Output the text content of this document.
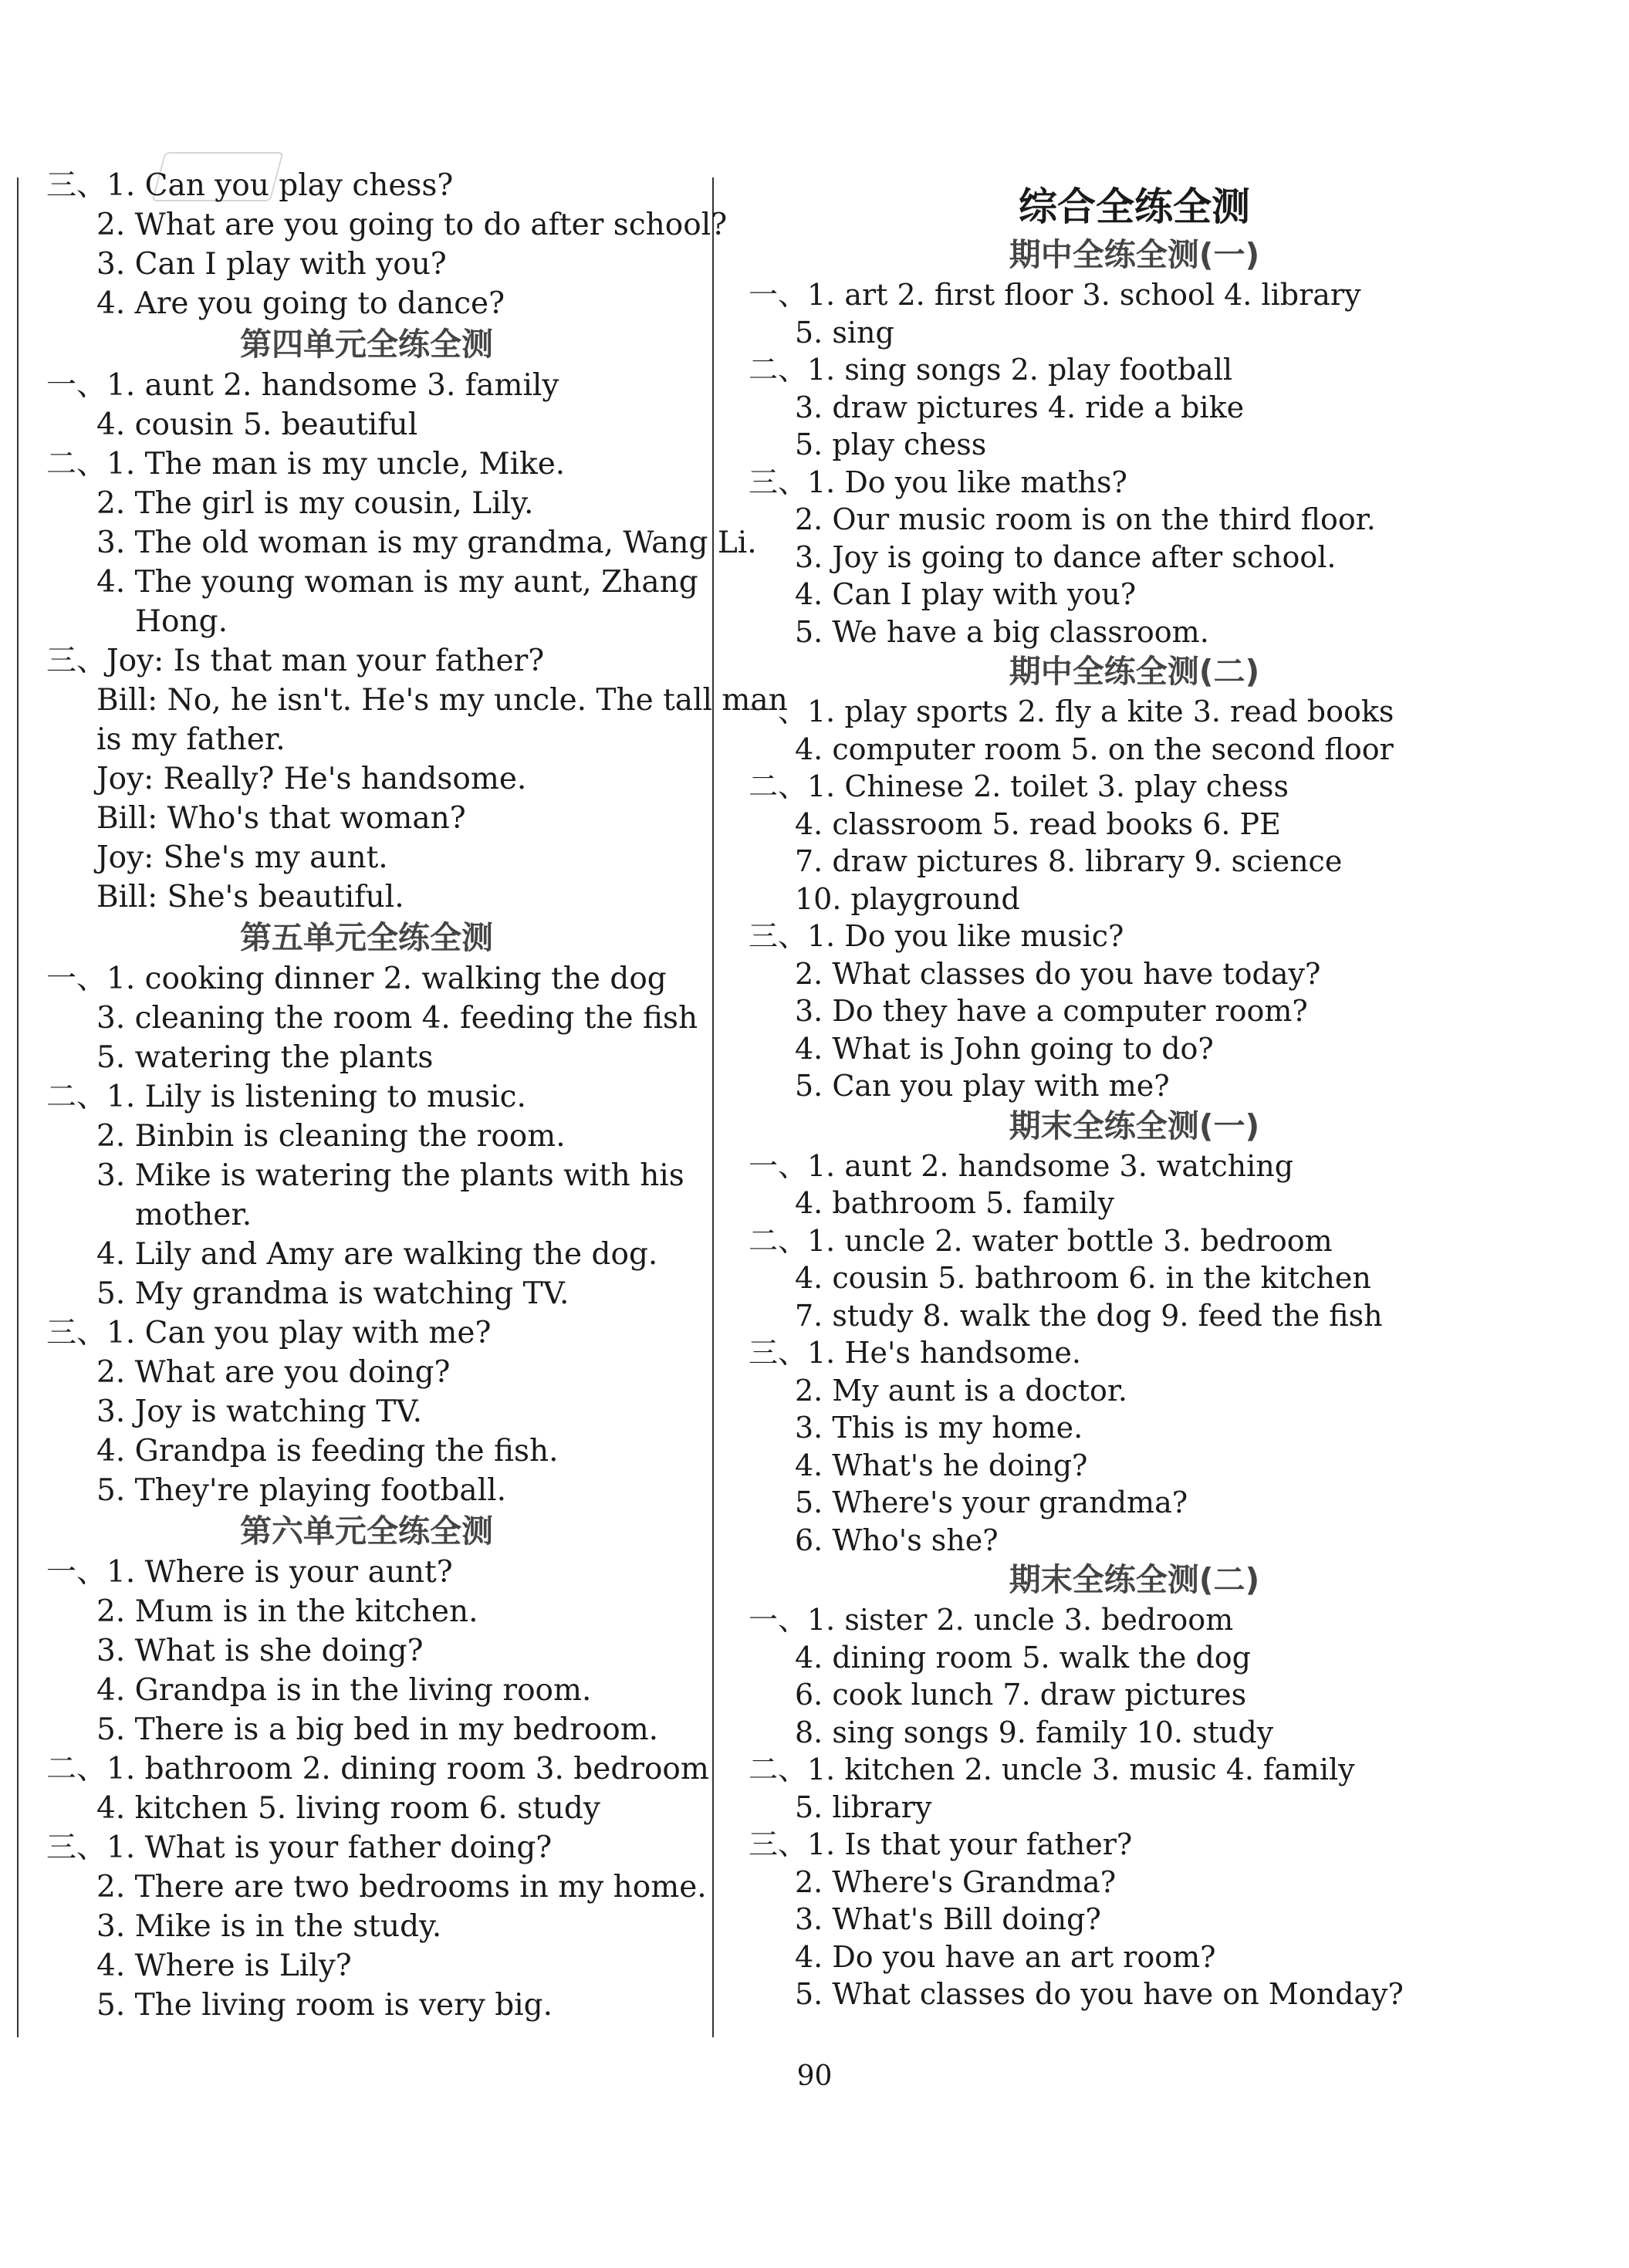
三、1. Can you play chess?
2. What are you going to do after school?
3. Can I play with you?
4. Are you going to dance?
第四单元全练全测
一、1. aunt 2. handsome 3. family
4. cousin 5. beautiful
二、1. The man is my uncle, Mike.
2. The girl is my cousin, Lily.
3. The old woman is my grandma, Wang Li.
4. The young woman is my aunt, Zhang
Hong.
三、Joy: Is that man your father?
Bill: No, he isn't. He's my uncle. The tall man
is my father.
Joy: Really? He's handsome.
Bill: Who's that woman?
Joy: She's my aunt.
Bill: She's beautiful.
第五单元全练全测
一、1. cooking dinner 2. walking the dog
3. cleaning the room 4. feeding the fish
5. watering the plants
二、1. Lily is listening to music.
2. Binbin is cleaning the room.
3. Mike is watering the plants with his
mother.
4. Lily and Amy are walking the dog.
5. My grandma is watching TV.
三、1. Can you play with me?
2. What are you doing?
3. Joy is watching TV.
4. Grandpa is feeding the fish.
5. They're playing football.
第六单元全练全测
一、1. Where is your aunt?
2. Mum is in the kitchen.
3. What is she doing?
4. Grandpa is in the living room.
5. There is a big bed in my bedroom.
二、1. bathroom 2. dining room 3. bedroom
4. kitchen 5. living room 6. study
三、1. What is your father doing?
2. There are two bedrooms in my home.
3. Mike is in the study.
4. Where is Lily?
5. The living room is very big.
综合全练全测
期中全练全测(一)
一、1. art 2. first floor 3. school 4. library
5. sing
二、1. sing songs 2. play football
3. draw pictures 4. ride a bike
5. play chess
三、1. Do you like maths?
2. Our music room is on the third floor.
3. Joy is going to dance after school.
4. Can I play with you?
5. We have a big classroom.
期中全练全测(二)
一、1. play sports 2. fly a kite 3. read books
4. computer room 5. on the second floor
二、1. Chinese 2. toilet 3. play chess
4. classroom 5. read books 6. PE
7. draw pictures 8. library 9. science
10. playground
三、1. Do you like music?
2. What classes do you have today?
3. Do they have a computer room?
4. What is John going to do?
5. Can you play with me?
期末全练全测(一)
一、1. aunt 2. handsome 3. watching
4. bathroom 5. family
二、1. uncle 2. water bottle 3. bedroom
4. cousin 5. bathroom 6. in the kitchen
7. study 8. walk the dog 9. feed the fish
三、1. He's handsome.
2. My aunt is a doctor.
3. This is my home.
4. What's he doing?
5. Where's your grandma?
6. Who's she?
期末全练全测(二)
一、1. sister 2. uncle 3. bedroom
4. dining room 5. walk the dog
6. cook lunch 7. draw pictures
8. sing songs 9. family 10. study
二、1. kitchen 2. uncle 3. music 4. family
5. library
三、1. Is that your father?
2. Where's Grandma?
3. What's Bill doing?
4. Do you have an art room?
5. What classes do you have on Monday?
90
